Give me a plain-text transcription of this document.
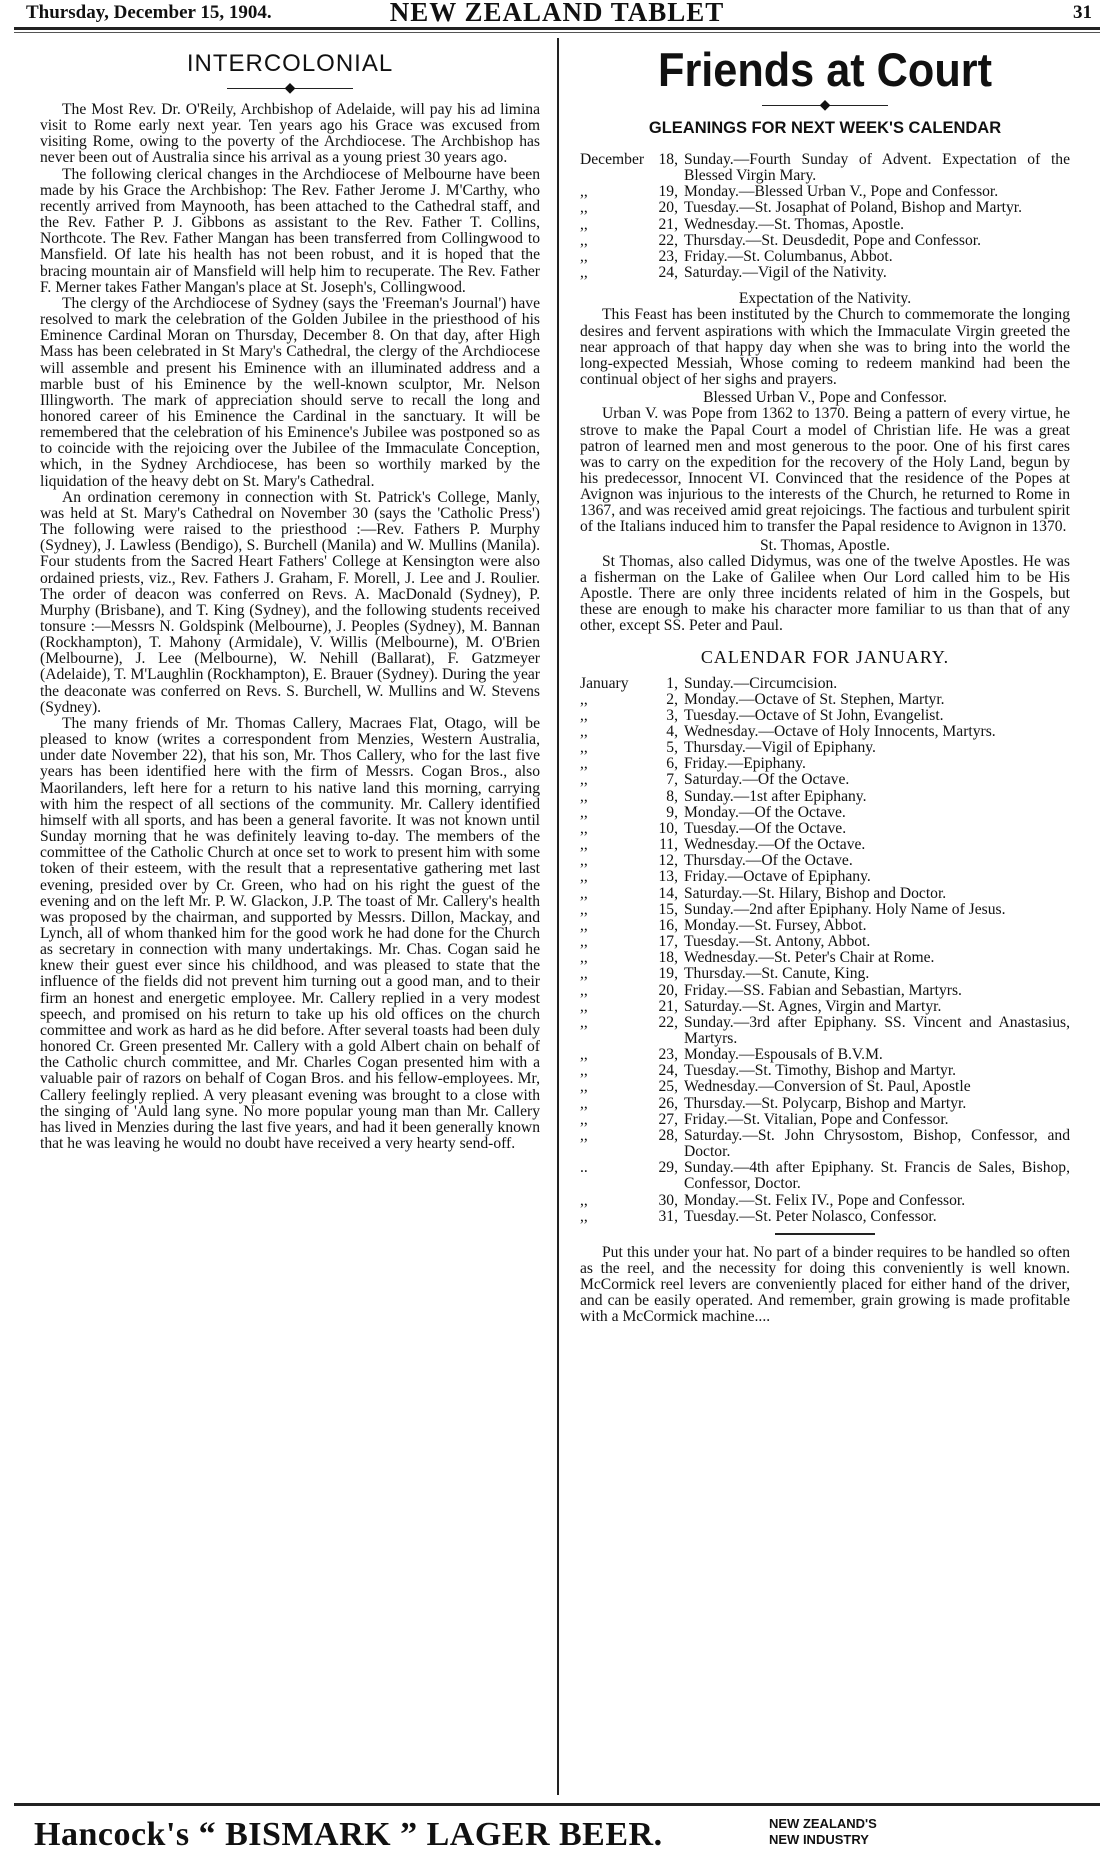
Thursday, December 15, 1904.	NEW ZEALAND TABLET	31
INTERCOLONIAL
◆

The Most Rev. Dr. O'Reily, Archbishop of Adelaide, will pay his ad limina visit to Rome early next year. Ten years ago his Grace was excused from visiting Rome, owing to the poverty of the Archdiocese. The Archbishop has never been out of Australia since his arrival as a young priest 30 years ago.

The following clerical changes in the Archdiocese of Melbourne have been made by his Grace the Archbishop: The Rev. Father Jerome J. M'Carthy, who recently arrived from Maynooth, has been attached to the Cathedral staff, and the Rev. Father P. J. Gibbons as assistant to the Rev. Father T. Collins, Northcote. The Rev. Father Mangan has been transferred from Collingwood to Mansfield. Of late his health has not been robust, and it is hoped that the bracing mountain air of Mansfield will help him to recuperate. The Rev. Father F. Merner takes Father Mangan's place at St. Joseph's, Collingwood.

The clergy of the Archdiocese of Sydney (says the 'Freeman's Journal') have resolved to mark the celebration of the Golden Jubilee in the priesthood of his Eminence Cardinal Moran on Thursday, December 8. On that day, after High Mass has been celebrated in St Mary's Cathedral, the clergy of the Archdiocese will assemble and present his Eminence with an illuminated address and a marble bust of his Eminence by the well-known sculptor, Mr. Nelson Illingworth. The mark of appreciation should serve to recall the long and honored career of his Eminence the Cardinal in the sanctuary. It will be remembered that the celebration of his Eminence's Jubilee was postponed so as to coincide with the rejoicing over the Jubilee of the Immaculate Conception, which, in the Sydney Archdiocese, has been so worthily marked by the liquidation of the heavy debt on St. Mary's Cathedral.

An ordination ceremony in connection with St. Patrick's College, Manly, was held at St. Mary's Cathedral on November 30 (says the 'Catholic Press') The following were raised to the priesthood :—Rev. Fathers P. Murphy (Sydney), J. Lawless (Bendigo), S. Burchell (Manila) and W. Mullins (Manila). Four students from the Sacred Heart Fathers' College at Kensington were also ordained priests, viz., Rev. Fathers J. Graham, F. Morell, J. Lee and J. Roulier. The order of deacon was conferred on Revs. A. MacDonald (Sydney), P. Murphy (Brisbane), and T. King (Sydney), and the following students received tonsure :—Messrs N. Goldspink (Melbourne), J. Peoples (Sydney), M. Bannan (Rockhampton), T. Mahony (Armidale), V. Willis (Melbourne), M. O'Brien (Melbourne), J. Lee (Melbourne), W. Nehill (Ballarat), F. Gatzmeyer (Adelaide), T. M'Laughlin (Rockhampton), E. Brauer (Sydney). During the year the deaconate was conferred on Revs. S. Burchell, W. Mullins and W. Stevens (Sydney).

The many friends of Mr. Thomas Callery, Macraes Flat, Otago, will be pleased to know (writes a correspondent from Menzies, Western Australia, under date November 22), that his son, Mr. Thos Callery, who for the last five years has been identified here with the firm of Messrs. Cogan Bros., also Maorilanders, left here for a return to his native land this morning, carrying with him the respect of all sections of the community. Mr. Callery identified himself with all sports, and has been a general favorite. It was not known until Sunday morning that he was definitely leaving to-day. The members of the committee of the Catholic Church at once set to work to present him with some token of their esteem, with the result that a representative gathering met last evening, presided over by Cr. Green, who had on his right the guest of the evening and on the left Mr. P. W. Glackon, J.P. The toast of Mr. Callery's health was proposed by the chairman, and supported by Messrs. Dillon, Mackay, and Lynch, all of whom thanked him for the good work he had done for the Church as secretary in connection with many undertakings. Mr. Chas. Cogan said he knew their guest ever since his childhood, and was pleased to state that the influence of the fields did not prevent him turning out a good man, and to their firm an honest and energetic employee. Mr. Callery replied in a very modest speech, and promised on his return to take up his old offices on the church committee and work as hard as he did before. After several toasts had been duly honored Cr. Green presented Mr. Callery with a gold Albert chain on behalf of the Catholic church committee, and Mr. Charles Cogan presented him with a valuable pair of razors on behalf of Cogan Bros. and his fellow-employees. Mr, Callery feelingly replied. A very pleasant evening was brought to a close with the singing of 'Auld lang syne. No more popular young man than Mr. Callery has lived in Menzies during the last five years, and had it been generally known that he was leaving he would no doubt have received a very hearty send-off.

Friends at Court
◆
GLEANINGS FOR NEXT WEEK'S CALENDAR
December	18,	Sunday.—Fourth Sunday of Advent. Expectation of the Blessed Virgin Mary.
,,	19,	Monday.—Blessed Urban V., Pope and Confessor.
,,	20,	Tuesday.—St. Josaphat of Poland, Bishop and Martyr.
,,	21,	Wednesday.—St. Thomas, Apostle.
,,	22,	Thursday.—St. Deusdedit, Pope and Confessor.
,,	23,	Friday.—St. Columbanus, Abbot.
,,	24,	Saturday.—Vigil of the Nativity.

Expectation of the Nativity.

This Feast has been instituted by the Church to commemorate the longing desires and fervent aspirations with which the Immaculate Virgin greeted the near approach of that happy day when she was to bring into the world the long-expected Messiah, Whose coming to redeem mankind had been the continual object of her sighs and prayers.

Blessed Urban V., Pope and Confessor.

Urban V. was Pope from 1362 to 1370. Being a pattern of every virtue, he strove to make the Papal Court a model of Christian life. He was a great patron of learned men and most generous to the poor. One of his first cares was to carry on the expedition for the recovery of the Holy Land, begun by his predecessor, Innocent VI. Convinced that the residence of the Popes at Avignon was injurious to the interests of the Church, he returned to Rome in 1367, and was received amid great rejoicings. The factious and turbulent spirit of the Italians induced him to transfer the Papal residence to Avignon in 1370.

St. Thomas, Apostle.

St Thomas, also called Didymus, was one of the twelve Apostles. He was a fisherman on the Lake of Galilee when Our Lord called him to be His Apostle. There are only three incidents related of him in the Gospels, but these are enough to make his character more familiar to us than that of any other, except SS. Peter and Paul.

CALENDAR FOR JANUARY.
January	1,	Sunday.—Circumcision.
,,	2,	Monday.—Octave of St. Stephen, Martyr.
,,	3,	Tuesday.—Octave of St John, Evangelist.
,,	4,	Wednesday.—Octave of Holy Innocents, Martyrs.
,,	5,	Thursday.—Vigil of Epiphany.
,,	6,	Friday.—Epiphany.
,,	7,	Saturday.—Of the Octave.
,,	8,	Sunday.—1st after Epiphany.
,,	9,	Monday.—Of the Octave.
,,	10,	Tuesday.—Of the Octave.
,,	11,	Wednesday.—Of the Octave.
,,	12,	Thursday.—Of the Octave.
,,	13,	Friday.—Octave of Epiphany.
,,	14,	Saturday.—St. Hilary, Bishop and Doctor.
,,	15,	Sunday.—2nd after Epiphany. Holy Name of Jesus.
,,	16,	Monday.—St. Fursey, Abbot.
,,	17,	Tuesday.—St. Antony, Abbot.
,,	18,	Wednesday.—St. Peter's Chair at Rome.
,,	19,	Thursday.—St. Canute, King.
,,	20,	Friday.—SS. Fabian and Sebastian, Martyrs.
,,	21,	Saturday.—St. Agnes, Virgin and Martyr.
,,	22,	Sunday.—3rd after Epiphany. SS. Vincent and Anastasius, Martyrs.
,,	23,	Monday.—Espousals of B.V.M.
,,	24,	Tuesday.—St. Timothy, Bishop and Martyr.
,,	25,	Wednesday.—Conversion of St. Paul, Apostle
,,	26,	Thursday.—St. Polycarp, Bishop and Martyr.
,,	27,	Friday.—St. Vitalian, Pope and Confessor.
,,	28,	Saturday.—St. John Chrysostom, Bishop, Confessor, and Doctor.
..	29,	Sunday.—4th after Epiphany. St. Francis de Sales, Bishop, Confessor, Doctor.
,,	30,	Monday.—St. Felix IV., Pope and Confessor.
,,	31,	Tuesday.—St. Peter Nolasco, Confessor.

Put this under your hat. No part of a binder requires to be handled so often as the reel, and the necessity for doing this conveniently is well known. McCormick reel levers are conveniently placed for either hand of the driver, and can be easily operated. And remember, grain growing is made profitable with a McCormick machine....

Hancock's “ BISMARK ” LAGER BEER.	NEW ZEALAND'S
NEW INDUSTRY
